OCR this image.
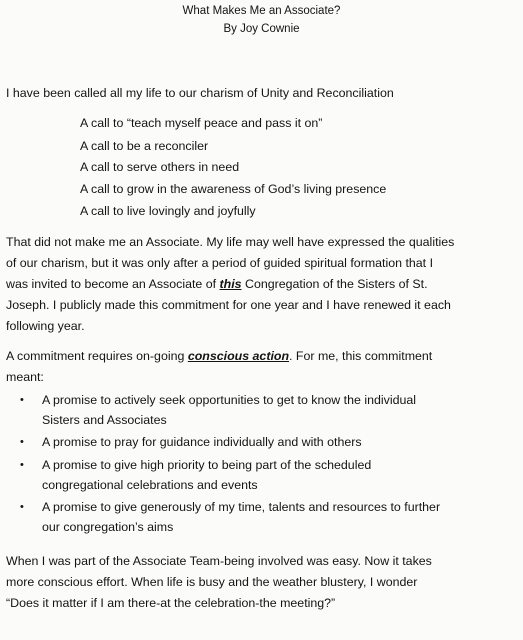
What Makes Me an Associate?
By Joy Cownie
I have been called all my life to our charism of Unity and Reconciliation
A call to “teach myself peace and pass it on”
A call to be a reconciler
A call to serve others in need
A call to grow in the awareness of God’s living presence
A call to live lovingly and joyfully
That did not make me an Associate. My life may well have expressed the qualities
of our charism, but it was only after a period of guided spiritual formation that I
was invited to become an Associate of this Congregation of the Sisters of St.
Joseph. I publicly made this commitment for one year and I have renewed it each
following year.
A commitment requires on-going conscious action. For me, this commitment
meant:
• A promise to actively seek opportunities to get to know the individual
Sisters and Associates
• A promise to pray for guidance individually and with others
• A promise to give high priority to being part of the scheduled
congregational celebrations and events
• A promise to give generously of my time, talents and resources to further
our congregation’s aims
When I was part of the Associate Team-being involved was easy. Now it takes
more conscious effort. When life is busy and the weather blustery, I wonder
“Does it matter if I am there-at the celebration-the meeting?”
